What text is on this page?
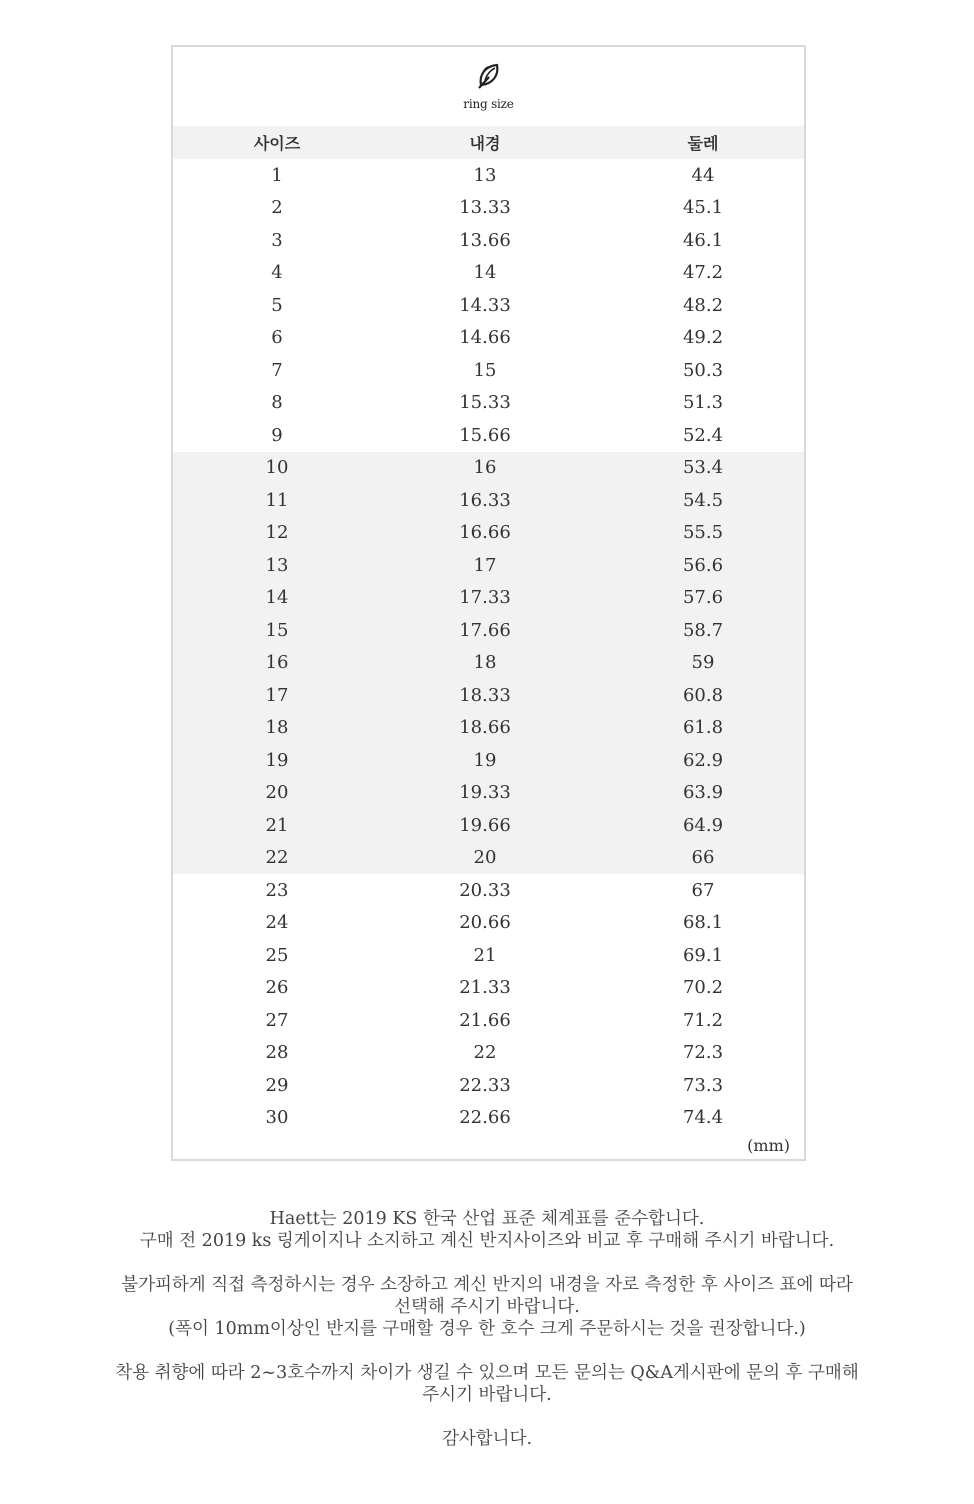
ring size
사이즈	내경	둘레
1	13	44
2	13.33	45.1
3	13.66	46.1
4	14	47.2
5	14.33	48.2
6	14.66	49.2
7	15	50.3
8	15.33	51.3
9	15.66	52.4
10	16	53.4
11	16.33	54.5
12	16.66	55.5
13	17	56.6
14	17.33	57.6
15	17.66	58.7
16	18	59
17	18.33	60.8
18	18.66	61.8
19	19	62.9
20	19.33	63.9
21	19.66	64.9
22	20	66
23	20.33	67
24	20.66	68.1
25	21	69.1
26	21.33	70.2
27	21.66	71.2
28	22	72.3
29	22.33	73.3
30	22.66	74.4
(mm)

Haett는 2019 KS 한국 산업 표준 체계표를 준수합니다.

구매 전 2019 ks 링게이지나 소지하고 계신 반지사이즈와 비교 후 구매해 주시기 바랍니다.

불가피하게 직접 측정하시는 경우 소장하고 계신 반지의 내경을 자로 측정한 후 사이즈 표에 따라

선택해 주시기 바랍니다.

(폭이 10mm이상인 반지를 구매할 경우 한 호수 크게 주문하시는 것을 권장합니다.)

착용 취향에 따라 2~3호수까지 차이가 생길 수 있으며 모든 문의는 Q&A게시판에 문의 후 구매해

주시기 바랍니다.

감사합니다.
